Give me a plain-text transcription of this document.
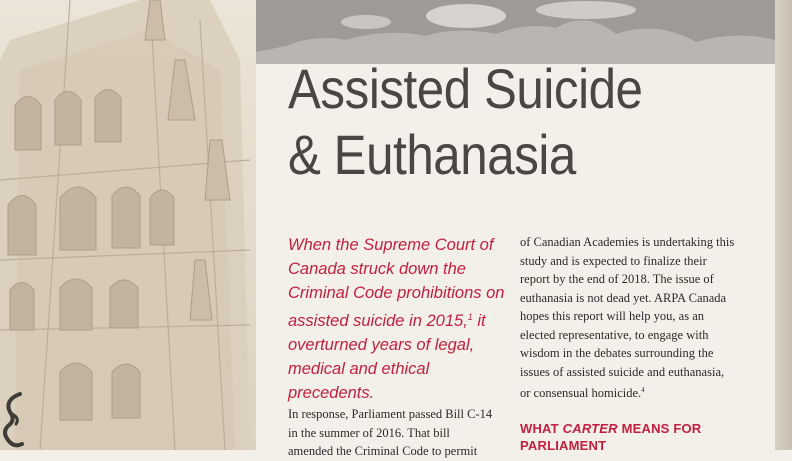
Assisted Suicide
& Euthanasia

When the Supreme Court of Canada struck down the Criminal Code prohibitions on assisted suicide in 2015,$^1$ it overturned years of legal, medical and ethical precedents.

In response, Parliament passed Bill C-14 in the summer of 2016. That bill amended the Criminal Code to permit

of Canadian Academies is undertaking this study and is expected to finalize their report by the end of 2018. The issue of euthanasia is not dead yet. ARPA Canada hopes this report will help you, as an elected representative, to engage with wisdom in the debates surrounding the issues of assisted suicide and euthanasia, or consensual homicide.$^4$

WHAT CARTER MEANS FOR PARLIAMENT
